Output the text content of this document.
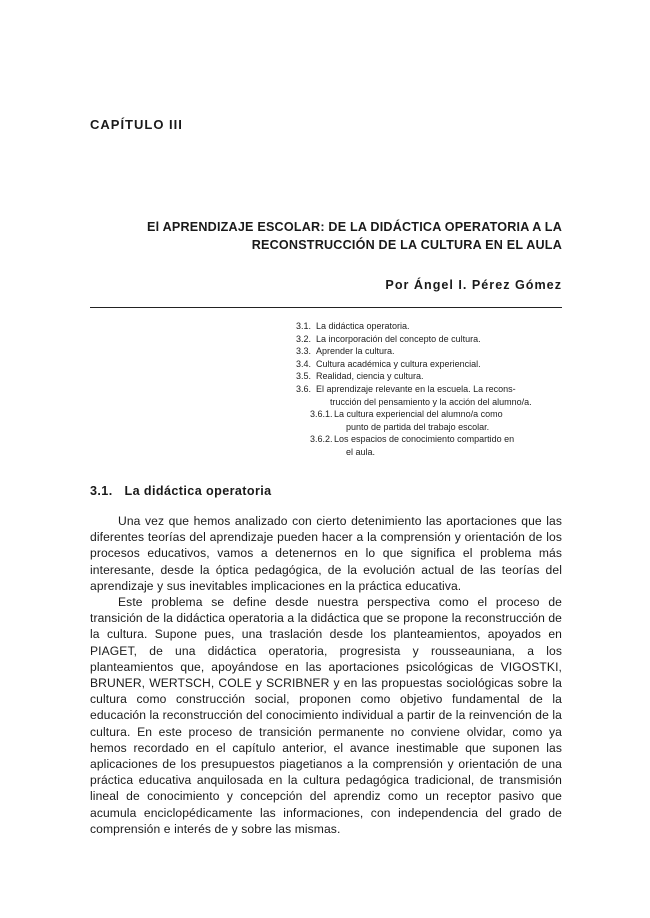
CAPÍTULO III
El APRENDIZAJE ESCOLAR: DE LA DIDÁCTICA OPERATORIA A LA
RECONSTRUCCIÓN DE LA CULTURA EN EL AULA
Por Ángel I. Pérez Gómez
3.1. La didáctica operatoria.
3.2. La incorporación del concepto de cultura.
3.3. Aprender la cultura.
3.4. Cultura académica y cultura experiencial.
3.5. Realidad, ciencia y cultura.
3.6. El aprendizaje relevante en la escuela. La recons-
trucción del pensamiento y la acción del alumno/a.
3.6.1. La cultura experiencial del alumno/a como
punto de partida del trabajo escolar.
3.6.2. Los espacios de conocimiento compartido en
el aula.
3.1. La didáctica operatoria

Una vez que hemos analizado con cierto detenimiento las aportaciones que las diferentes teorías del aprendizaje pueden hacer a la comprensión y orientación de los procesos educativos, vamos a detenernos en lo que significa el problema más interesante, desde la óptica pedagógica, de la evolución actual de las teorías del aprendizaje y sus inevitables implicaciones en la práctica educativa.

Este problema se define desde nuestra perspectiva como el proceso de transición de la didáctica operatoria a la didáctica que se propone la reconstrucción de la cultura. Supone pues, una traslación desde los planteamientos, apoyados en PIAGET, de una didáctica operatoria, progresista y rousseauniana, a los planteamientos que, apoyándose en las aportaciones psicológicas de VIGOSTKI, BRUNER, WERTSCH, COLE y SCRIBNER y en las propuestas sociológicas sobre la cultura como construcción social, proponen como objetivo fundamental de la educación la reconstrucción del conocimiento individual a partir de la reinvención de la cultura. En este proceso de transición permanente no conviene olvidar, como ya hemos recordado en el capítulo anterior, el avance inestimable que suponen las aplicaciones de los presupuestos piagetianos a la comprensión y orientación de una práctica educativa anquilosada en la cultura pedagógica tradicional, de transmisión lineal de conocimiento y concepción del aprendiz como un receptor pasivo que acumula enciclopédicamente las informaciones, con independencia del grado de comprensión e interés de y sobre las mismas.
